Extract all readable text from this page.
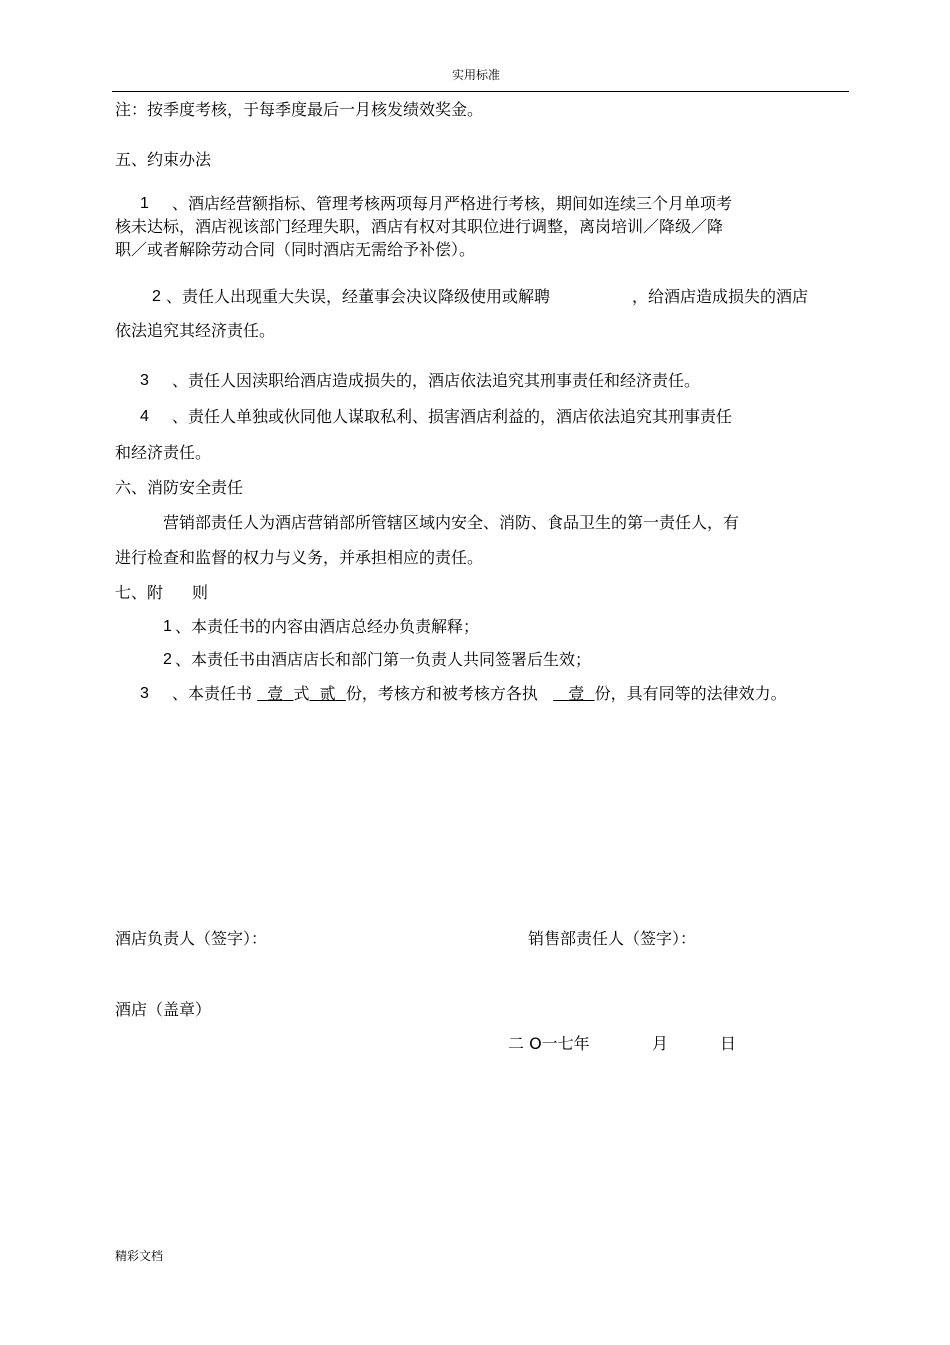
实用标准
注：按季度考核，于每季度最后一月核发绩效奖金。
五、约束办法
1 、酒店经营额指标、管理考核两项每月严格进行考核，期间如连续三个月单项考
核未达标，酒店视该部门经理失职，酒店有权对其职位进行调整，离岗培训／降级／降
职／或者解除劳动合同（同时酒店无需给予补偿）。
2 、责任人出现重大失误，经董事会决议降级使用或解聘	，给酒店造成损失的酒店
依法追究其经济责任。
3 、责任人因渎职给酒店造成损失的，酒店依法追究其刑事责任和经济责任。
4 、责任人单独或伙同他人谋取私利、损害酒店利益的，酒店依法追究其刑事责任
和经济责任。
六、消防安全责任
营销部责任人为酒店营销部所管辖区域内安全、消防、食品卫生的第一责任人，有
进行检查和监督的权力与义务，并承担相应的责任。
七、附 则
1 、本责任书的内容由酒店总经办负责解释；
2 、本责任书由酒店店长和部门第一负责人共同签署后生效；
3 、本责任书 壹 式 贰 份，考核方和被考核方各执 壹 份，具有同等的法律效力。
酒店负责人（签字）：	销售部责任人（签字）：
酒店（盖章）
二 O一七年	月	日
精彩文档
